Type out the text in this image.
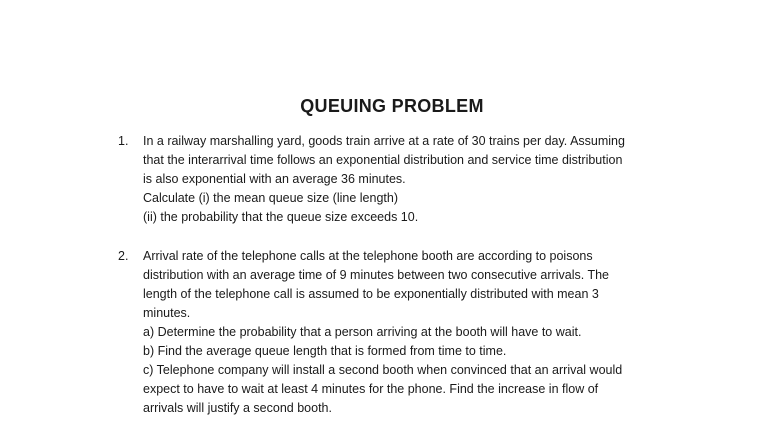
QUEUING PROBLEM
1. In a railway marshalling yard, goods train arrive at a rate of 30 trains per day. Assuming
that the interarrival time follows an exponential distribution and service time distribution
is also exponential with an average 36 minutes.
Calculate (i) the mean queue size (line length)
(ii) the probability that the queue size exceeds 10.
2. Arrival rate of the telephone calls at the telephone booth are according to poisons
distribution with an average time of 9 minutes between two consecutive arrivals. The
length of the telephone call is assumed to be exponentially distributed with mean 3
minutes.
a) Determine the probability that a person arriving at the booth will have to wait.
b) Find the average queue length that is formed from time to time.
c) Telephone company will install a second booth when convinced that an arrival would
expect to have to wait at least 4 minutes for the phone. Find the increase in flow of
arrivals will justify a second booth.
